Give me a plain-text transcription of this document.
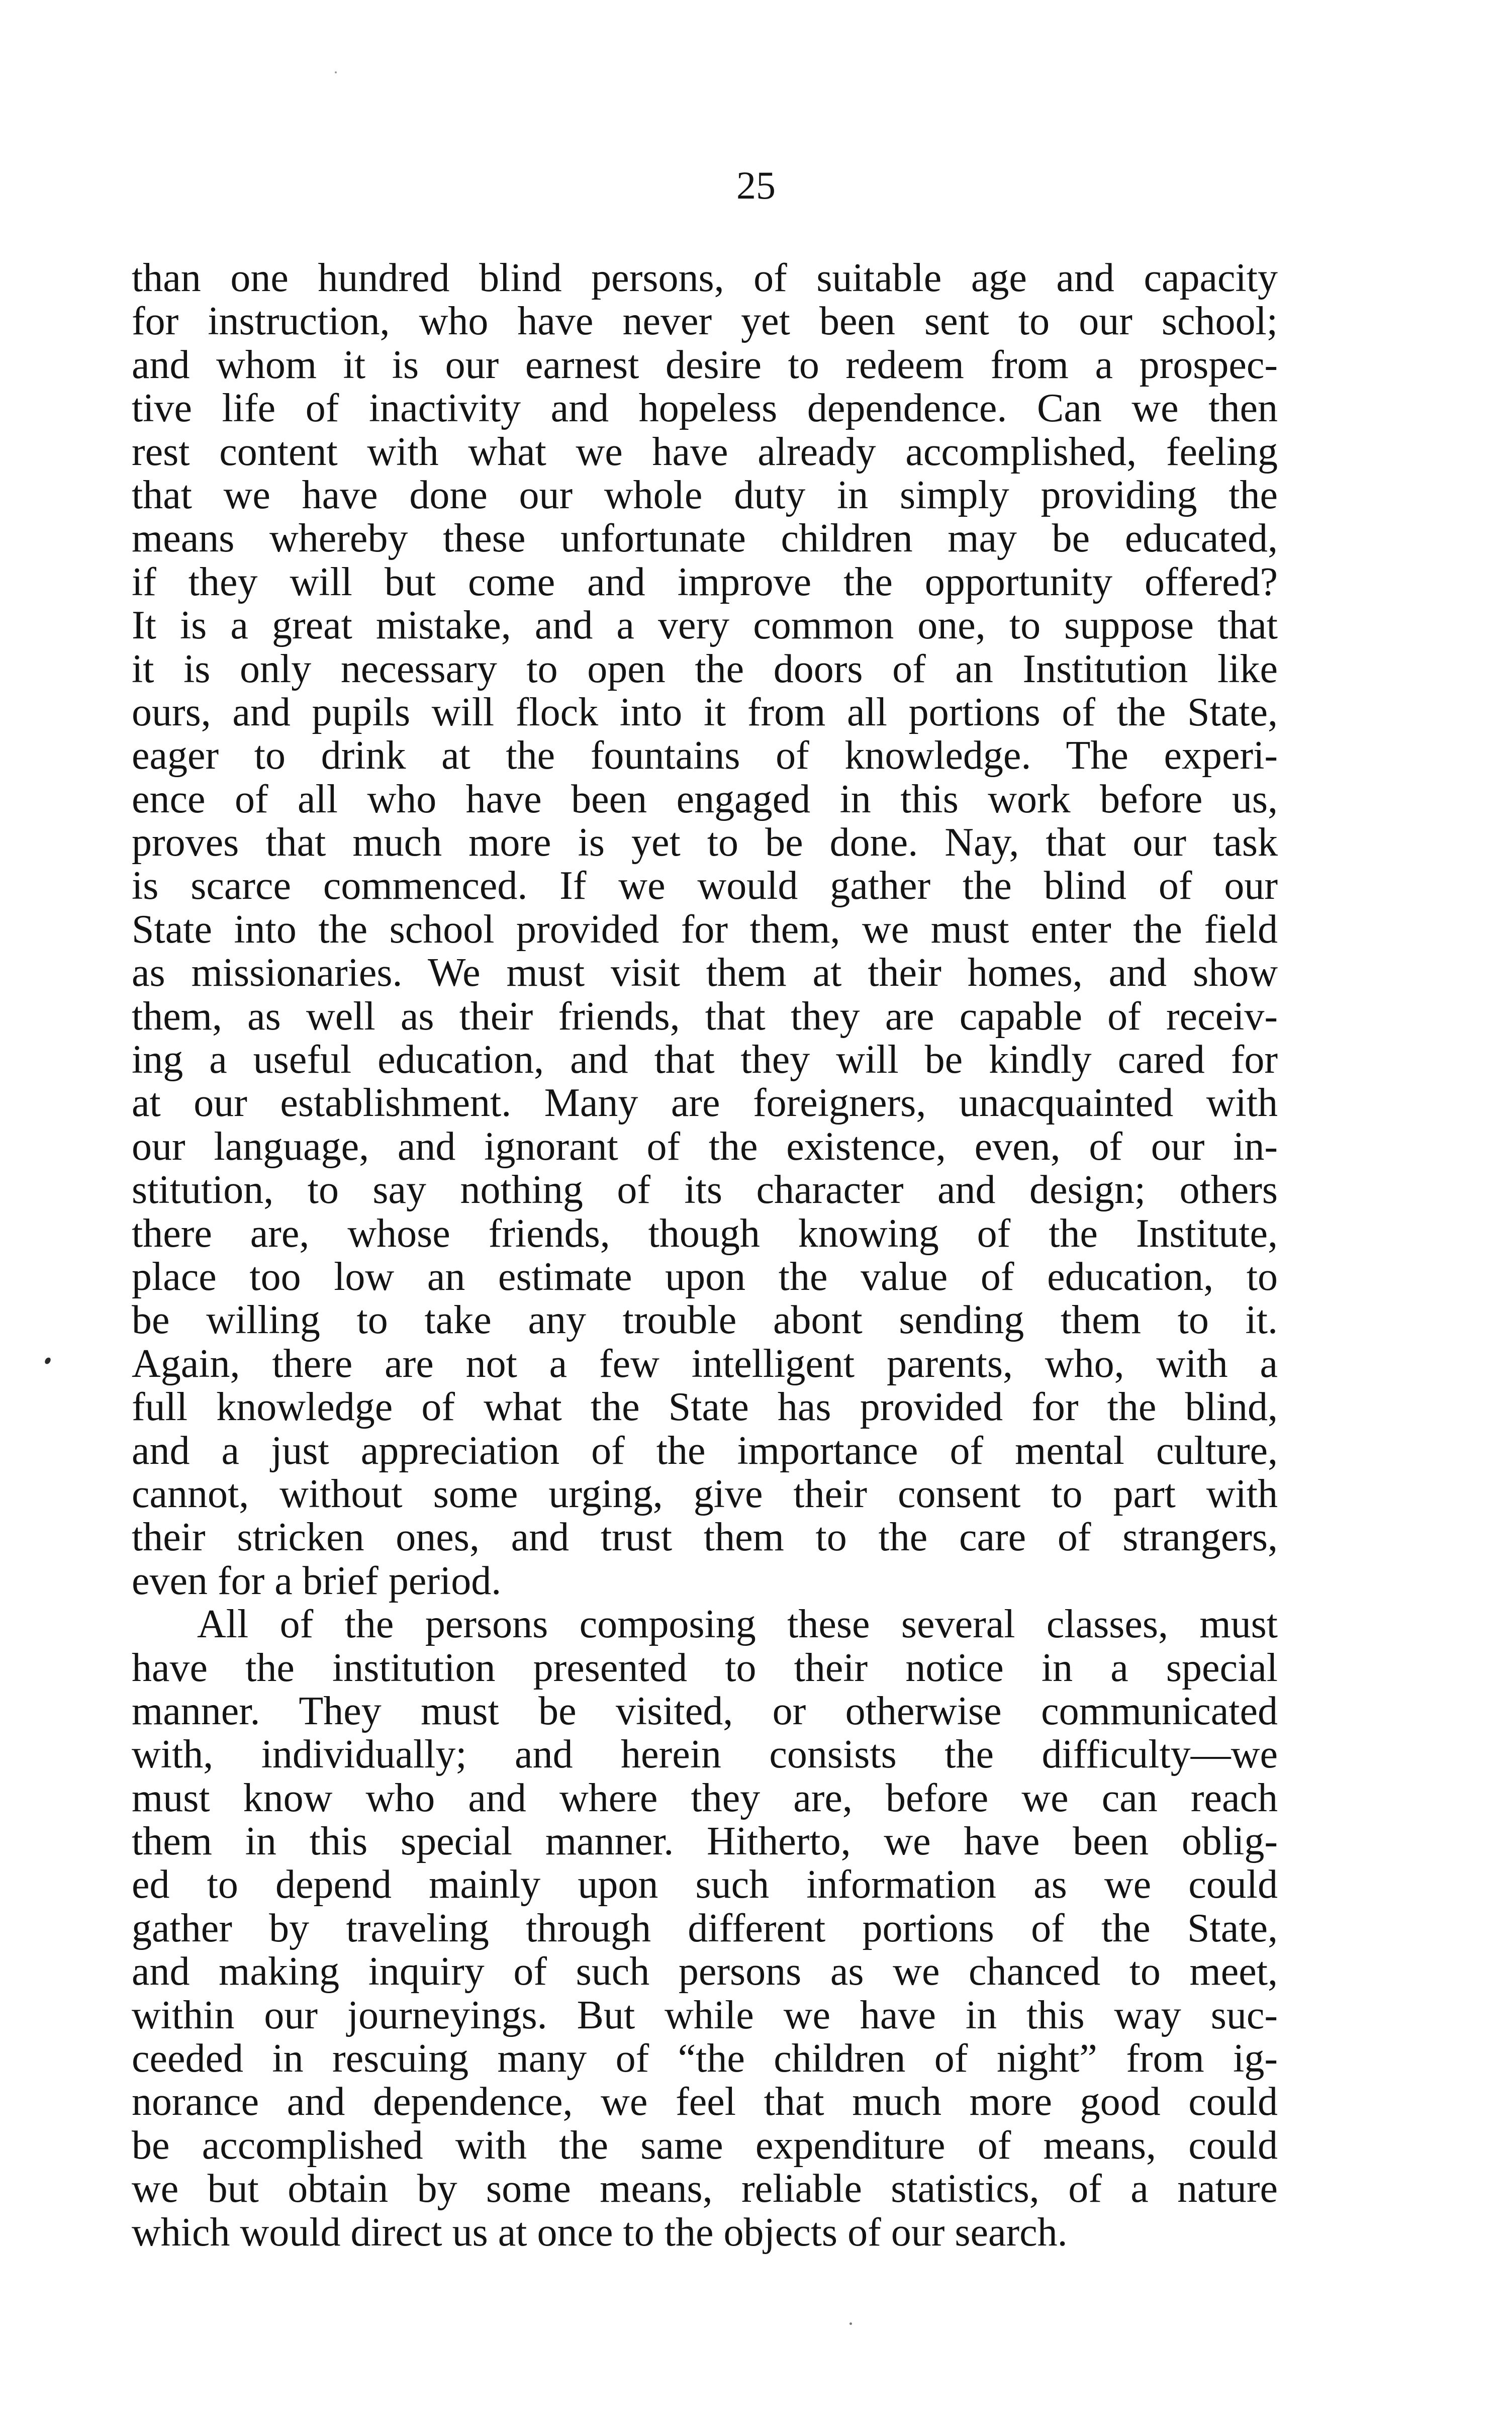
25
than one hundred blind persons, of suitable age and capacity
for instruction, who have never yet been sent to our school;
and whom it is our earnest desire to redeem from a prospec-
tive life of inactivity and hopeless dependence. Can we then
rest content with what we have already accomplished, feeling
that we have done our whole duty in simply providing the
means whereby these unfortunate children may be educated,
if they will but come and improve the opportunity offered?
It is a great mistake, and a very common one, to suppose that
it is only necessary to open the doors of an Institution like
ours, and pupils will flock into it from all portions of the State,
eager to drink at the fountains of knowledge. The experi-
ence of all who have been engaged in this work before us,
proves that much more is yet to be done. Nay, that our task
is scarce commenced. If we would gather the blind of our
State into the school provided for them, we must enter the field
as missionaries. We must visit them at their homes, and show
them, as well as their friends, that they are capable of receiv-
ing a useful education, and that they will be kindly cared for
at our establishment. Many are foreigners, unacquainted with
our language, and ignorant of the existence, even, of our in-
stitution, to say nothing of its character and design; others
there are, whose friends, though knowing of the Institute,
place too low an estimate upon the value of education, to
be willing to take any trouble abont sending them to it.
Again, there are not a few intelligent parents, who, with a
full knowledge of what the State has provided for the blind,
and a just appreciation of the importance of mental culture,
cannot, without some urging, give their consent to part with
their stricken ones, and trust them to the care of strangers,
even for a brief period.
All of the persons composing these several classes, must
have the institution presented to their notice in a special
manner. They must be visited, or otherwise communicated
with, individually; and herein consists the difficulty—we
must know who and where they are, before we can reach
them in this special manner. Hitherto, we have been oblig-
ed to depend mainly upon such information as we could
gather by traveling through different portions of the State,
and making inquiry of such persons as we chanced to meet,
within our journeyings. But while we have in this way suc-
ceeded in rescuing many of “the children of night” from ig-
norance and dependence, we feel that much more good could
be accomplished with the same expenditure of means, could
we but obtain by some means, reliable statistics, of a nature
which would direct us at once to the objects of our search.
